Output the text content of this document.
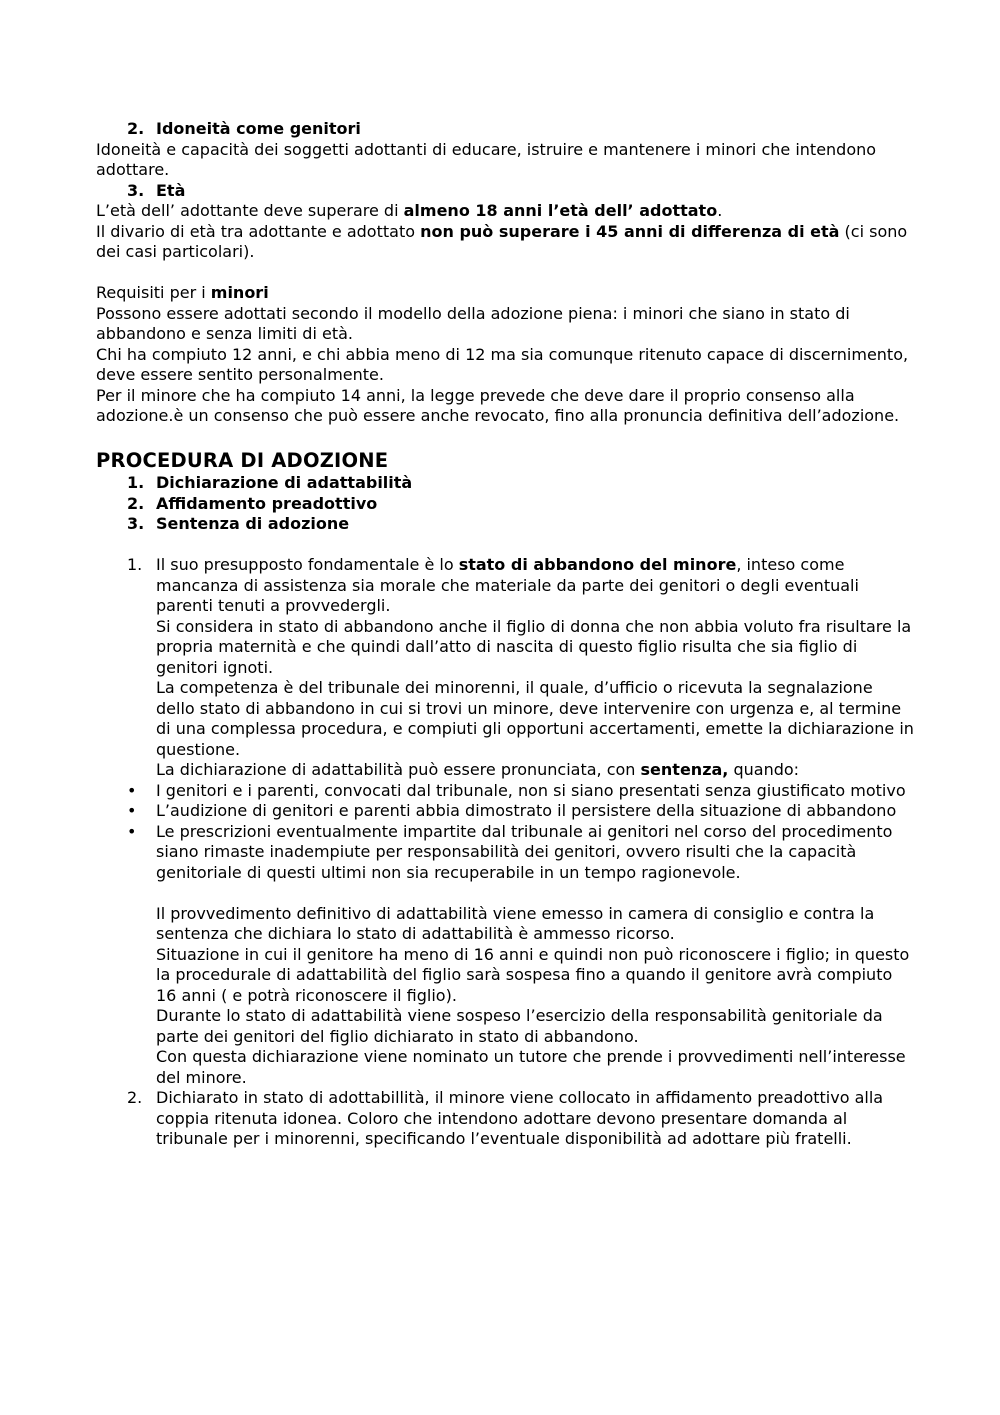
2. Idoneità come genitori

Idoneità e capacità dei soggetti adottanti di educare, istruire e mantenere i minori che intendono adottare.

3. Età

L’età dell’ adottante deve superare di almeno 18 anni l’età dell’ adottato.

Il divario di età tra adottante e adottato non può superare i 45 anni di differenza di età (ci sono dei casi particolari).

Requisiti per i minori

Possono essere adottati secondo il modello della adozione piena: i minori che siano in stato di abbandono e senza limiti di età.

Chi ha compiuto 12 anni, e chi abbia meno di 12 ma sia comunque ritenuto capace di discernimento, deve essere sentito personalmente.

Per il minore che ha compiuto 14 anni, la legge prevede che deve dare il proprio consenso alla adozione.è un consenso che può essere anche revocato, fino alla pronuncia definitiva dell’adozione.

PROCEDURA DI ADOZIONE
1. Dichiarazione di adattabilità
2. Affidamento preadottivo
3. Sentenza di adozione
1. Il suo presupposto fondamentale è lo stato di abbandono del minore, inteso come mancanza di assistenza sia morale che materiale da parte dei genitori o degli eventuali parenti tenuti a provvedergli.

Si considera in stato di abbandono anche il figlio di donna che non abbia voluto fra risultare la propria maternità e che quindi dall’atto di nascita di questo figlio risulta che sia figlio di genitori ignoti.

La competenza è del tribunale dei minorenni, il quale, d’ufficio o ricevuta la segnalazione dello stato di abbandono in cui si trovi un minore, deve intervenire con urgenza e, al termine di una complessa procedura, e compiuti gli opportuni accertamenti, emette la dichiarazione in questione.

La dichiarazione di adattabilità può essere pronunciata, con sentenza, quando:

• I genitori e i parenti, convocati dal tribunale, non si siano presentati senza giustificato motivo
• L’audizione di genitori e parenti abbia dimostrato il persistere della situazione di abbandono
• Le prescrizioni eventualmente impartite dal tribunale ai genitori nel corso del procedimento siano rimaste inadempiute per responsabilità dei genitori, ovvero risulti che la capacità genitoriale di questi ultimi non sia recuperabile in un tempo ragionevole.

Il provvedimento definitivo di adattabilità viene emesso in camera di consiglio e contra la sentenza che dichiara lo stato di adattabilità è ammesso ricorso.

Situazione in cui il genitore ha meno di 16 anni e quindi non può riconoscere i figlio; in questo la procedurale di adattabilità del figlio sarà sospesa fino a quando il genitore avrà compiuto 16 anni ( e potrà riconoscere il figlio).

Durante lo stato di adattabilità viene sospeso l’esercizio della responsabilità genitoriale da parte dei genitori del figlio dichiarato in stato di abbandono.

Con questa dichiarazione viene nominato un tutore che prende i provvedimenti nell’interesse del minore.

2. Dichiarato in stato di adottabillità, il minore viene collocato in affidamento preadottivo alla coppia ritenuta idonea. Coloro che intendono adottare devono presentare domanda al tribunale per i minorenni, specificando l’eventuale disponibilità ad adottare più fratelli.
